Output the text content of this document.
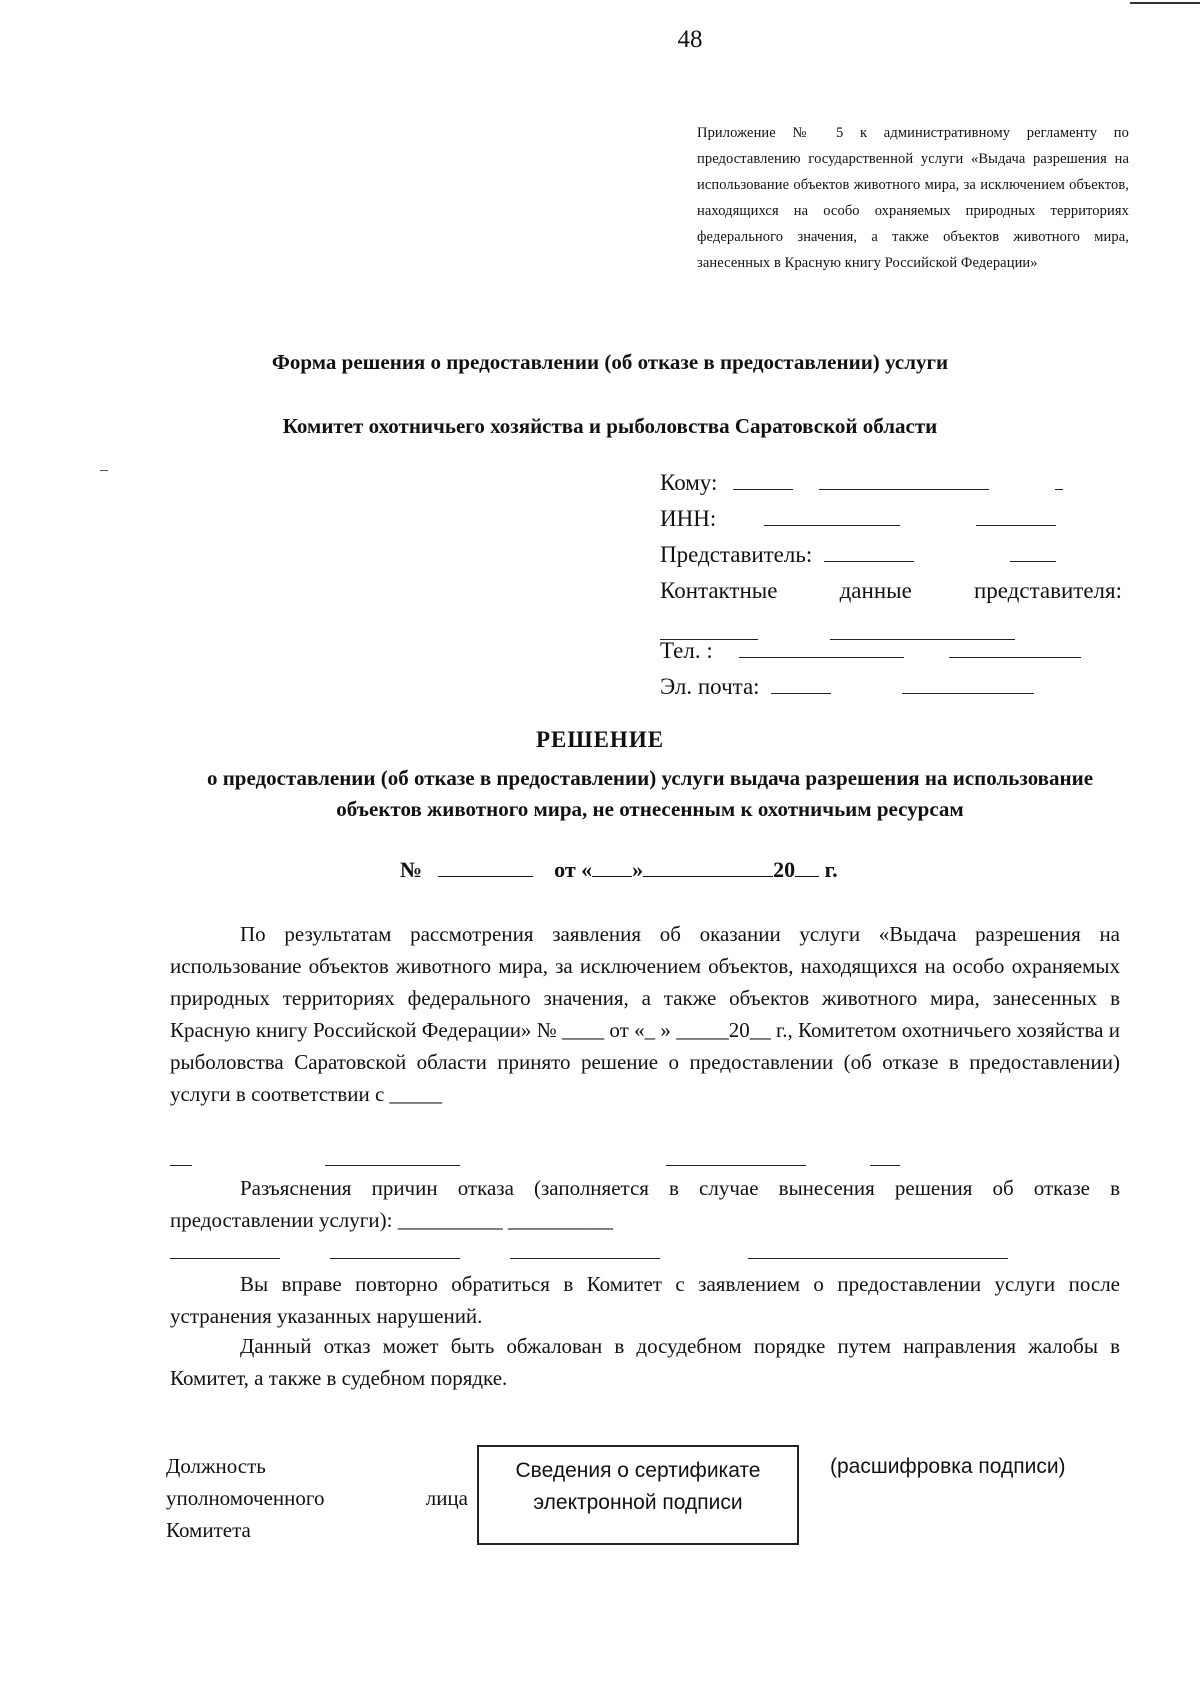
48
Приложение № 5 к административному регламенту по предоставлению государственной услуги «Выдача разрешения на использование объектов животного мира, за исключением объектов, находящихся на особо охраняемых природных территориях федерального значения, а также объектов животного мира, занесенных в Красную книгу Российской Федерации»
Форма решения о предоставлении (об отказе в предоставлении) услуги
Комитет охотничьего хозяйства и рыболовства Саратовской области
Кому:
ИНН:
Представитель:
Контактные	данные	представителя:

Тел. :
Эл. почта:
РЕШЕНИЕ
о предоставлении (об отказе в предоставлении) услуги выдача разрешения на использование объектов животного мира, не отнесенным к охотничьим ресурсам
№	от « »	20 г.
По результатам рассмотрения заявления об оказании услуги «Выдача разрешения на использование объектов животного мира, за исключением объектов, находящихся на особо охраняемых природных территориях федерального значения, а также объектов животного мира, занесенных в Красную книгу Российской Федерации» № ____ от «_ » _____20__ г., Комитетом охотничьего хозяйства и рыболовства Саратовской области принято решение о предоставлении (об отказе в предоставлении) услуги в соответствии с _____
Разъяснения причин отказа (заполняется в случае вынесения решения об отказе в предоставлении услуги): __________ __________
Вы вправе повторно обратиться в Комитет с заявлением о предоставлении услуги после устранения указанных нарушений.
Данный отказ может быть обжалован в досудебном порядке путем направления жалобы в Комитет, а также в судебном порядке.
Должность
уполномоченного	лица
Комитета
Сведения о сертификате
электронной подписи
(расшифровка подписи)
